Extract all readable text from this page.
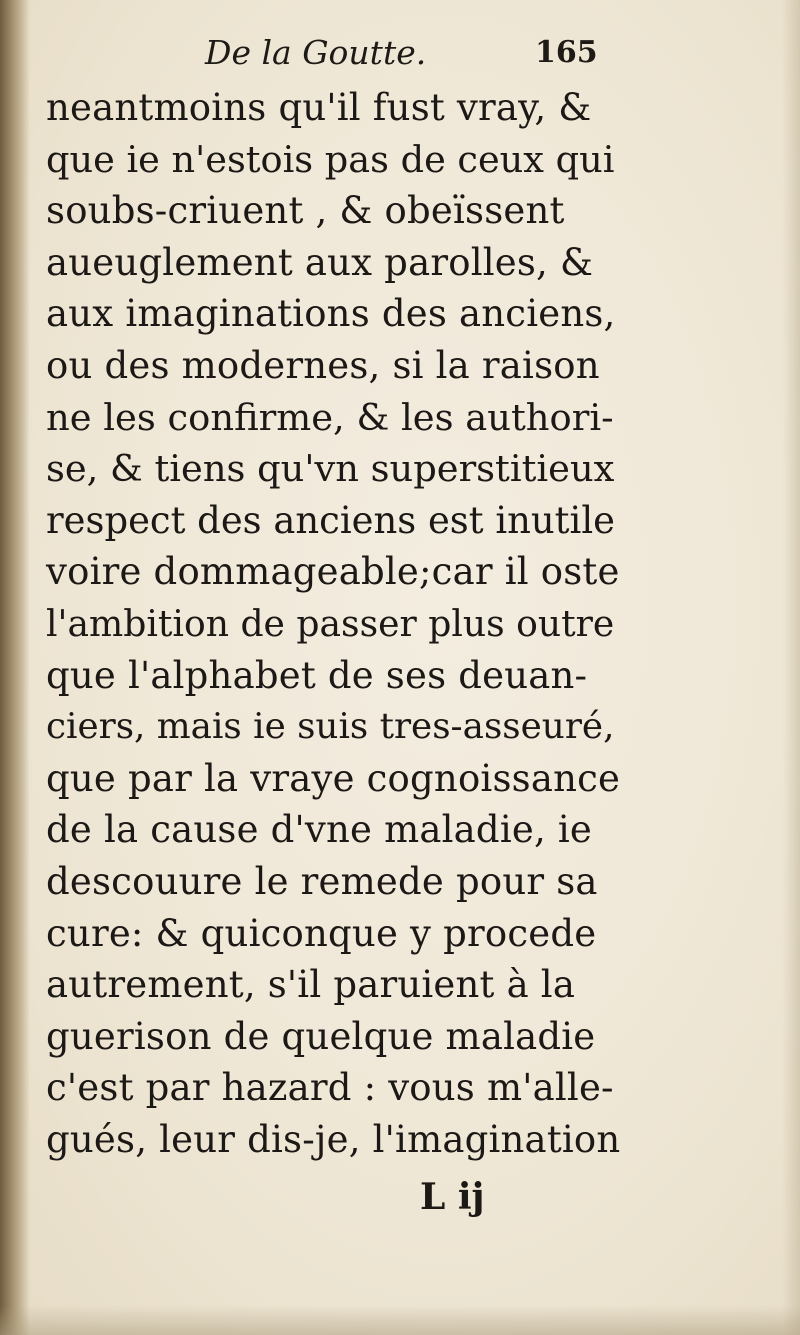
De la Goutte.	165
neantmoins qu'il fust vray, &
que ie n'estois pas de ceux qui
soubs-criuent , & obeïssent
aueuglement aux parolles, &
aux imaginations des anciens,
ou des modernes, si la raison
ne les confirme, & les authori-
se, & tiens qu'vn superstitieux
respect des anciens est inutile
voire dommageable;car il oste
l'ambition de passer plus outre
que l'alphabet de ses deuan-
ciers, mais ie suis tres-asseuré,
que par la vraye cognoissance
de la cause d'vne maladie, ie
descouure le remede pour sa
cure: & quiconque y procede
autrement, s'il paruient à la
guerison de quelque maladie
c'est par hazard : vous m'alle-
gués, leur dis-je, l'imagination
L ij
